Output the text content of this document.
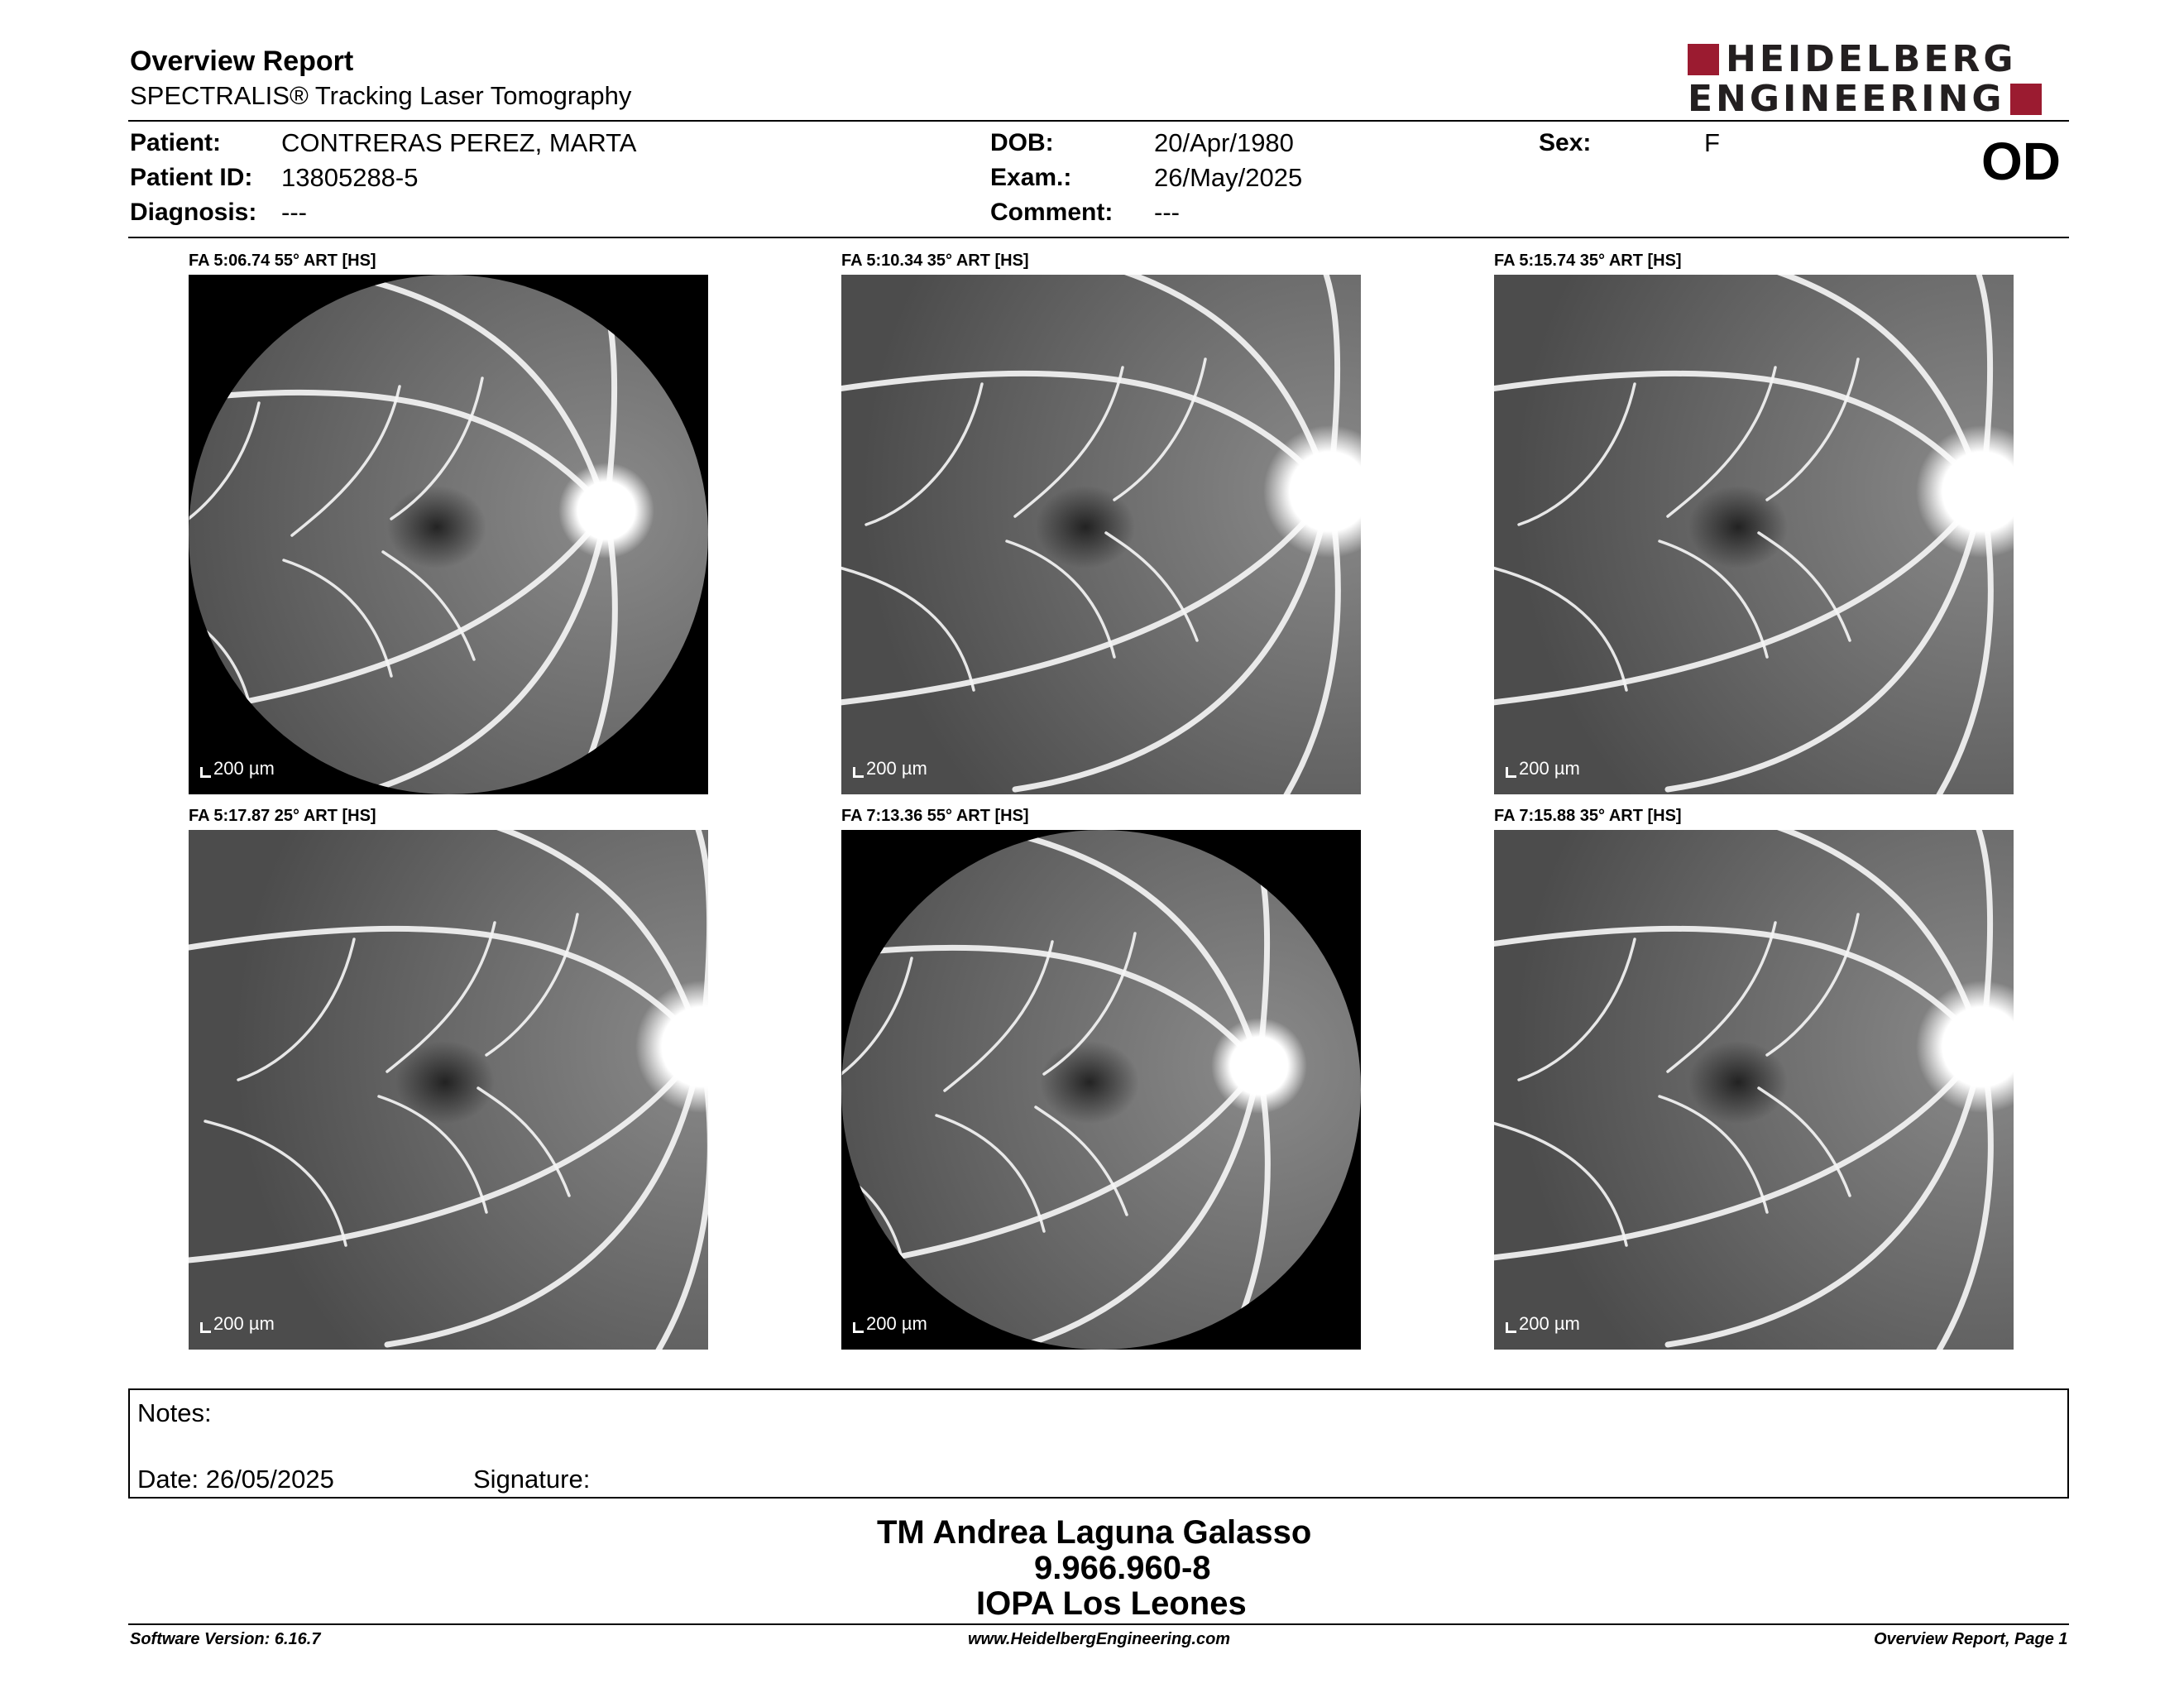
Overview Report
SPECTRALIS® Tracking Laser Tomography
HEIDELBERG
ENGINEERING
Patient: CONTRERAS PEREZ, MARTA
Patient ID: 13805288-5
Diagnosis: ---
DOB:	20/Apr/1980
Exam.:	26/May/2025
Comment: ---
Sex:	F	OD
FA 5:06.74 55° ART [HS]
200 µm
FA 5:10.34 35° ART [HS]
200 µm
FA 5:15.74 35° ART [HS]
200 µm
FA 5:17.87 25° ART [HS]
200 µm
FA 7:13.36 55° ART [HS]
200 µm
FA 7:15.88 35° ART [HS]
200 µm
Notes:
Date: 26/05/2025	Signature:
TM Andrea Laguna Galasso
9.966.960-8
IOPA Los Leones
Software Version: 6.16.7	www.HeidelbergEngineering.com	Overview Report, Page 1
